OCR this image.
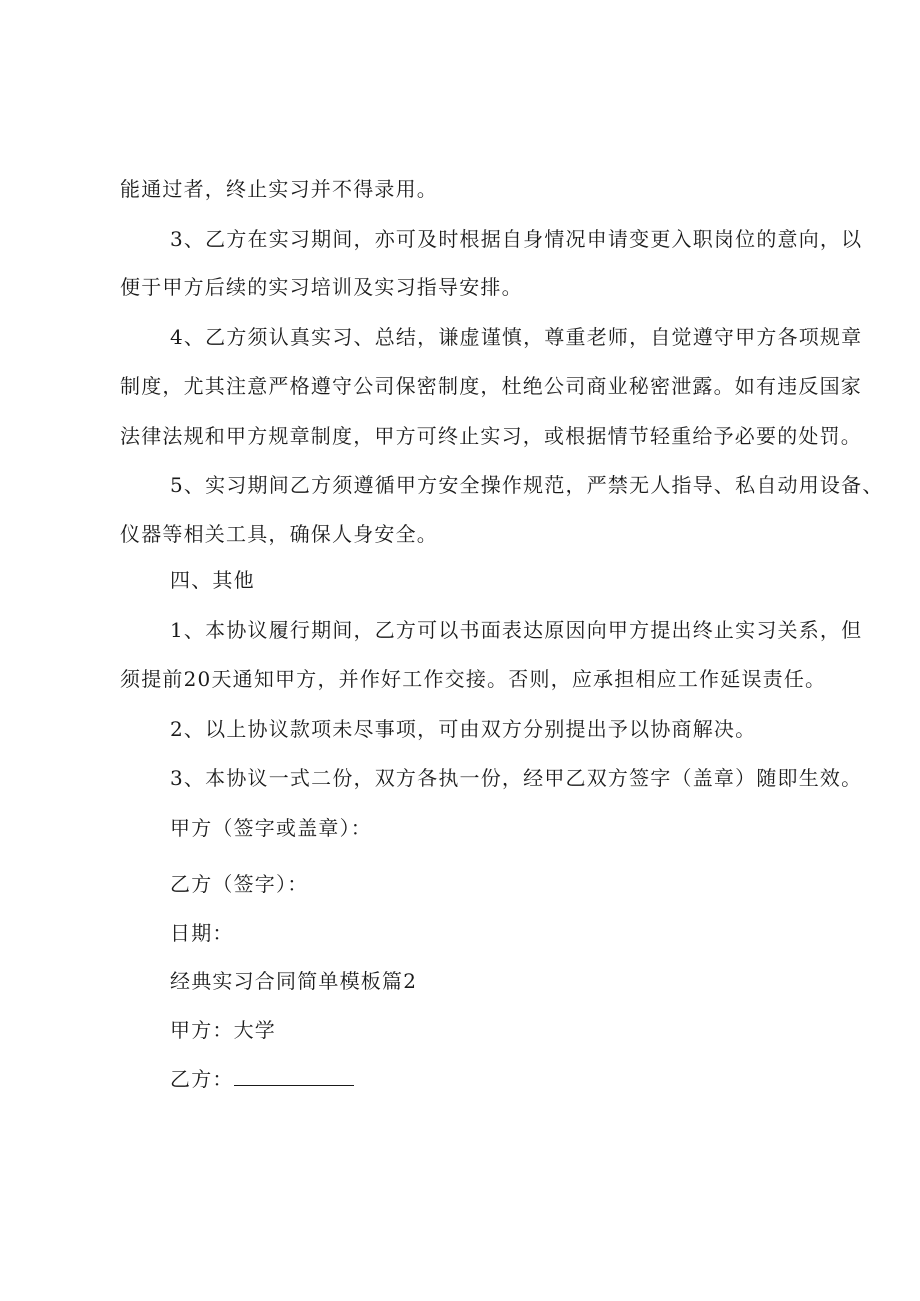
能通过者，终止实习并不得录用。
3、乙方在实习期间，亦可及时根据自身情况申请变更入职岗位的意向，以
便于甲方后续的实习培训及实习指导安排。
4、乙方须认真实习、总结，谦虚谨慎，尊重老师，自觉遵守甲方各项规章
制度，尤其注意严格遵守公司保密制度，杜绝公司商业秘密泄露。如有违反国家
法律法规和甲方规章制度，甲方可终止实习，或根据情节轻重给予必要的处罚。
5、实习期间乙方须遵循甲方安全操作规范，严禁无人指导、私自动用设备、
仪器等相关工具，确保人身安全。
四、其他
1、本协议履行期间，乙方可以书面表达原因向甲方提出终止实习关系，但
须提前20天通知甲方，并作好工作交接。否则，应承担相应工作延误责任。
2、以上协议款项未尽事项，可由双方分别提出予以协商解决。
3、本协议一式二份，双方各执一份，经甲乙双方签字（盖章）随即生效。
甲方（签字或盖章）：
乙方（签字）：
日期：
经典实习合同简单模板篇2
甲方：大学
乙方：
